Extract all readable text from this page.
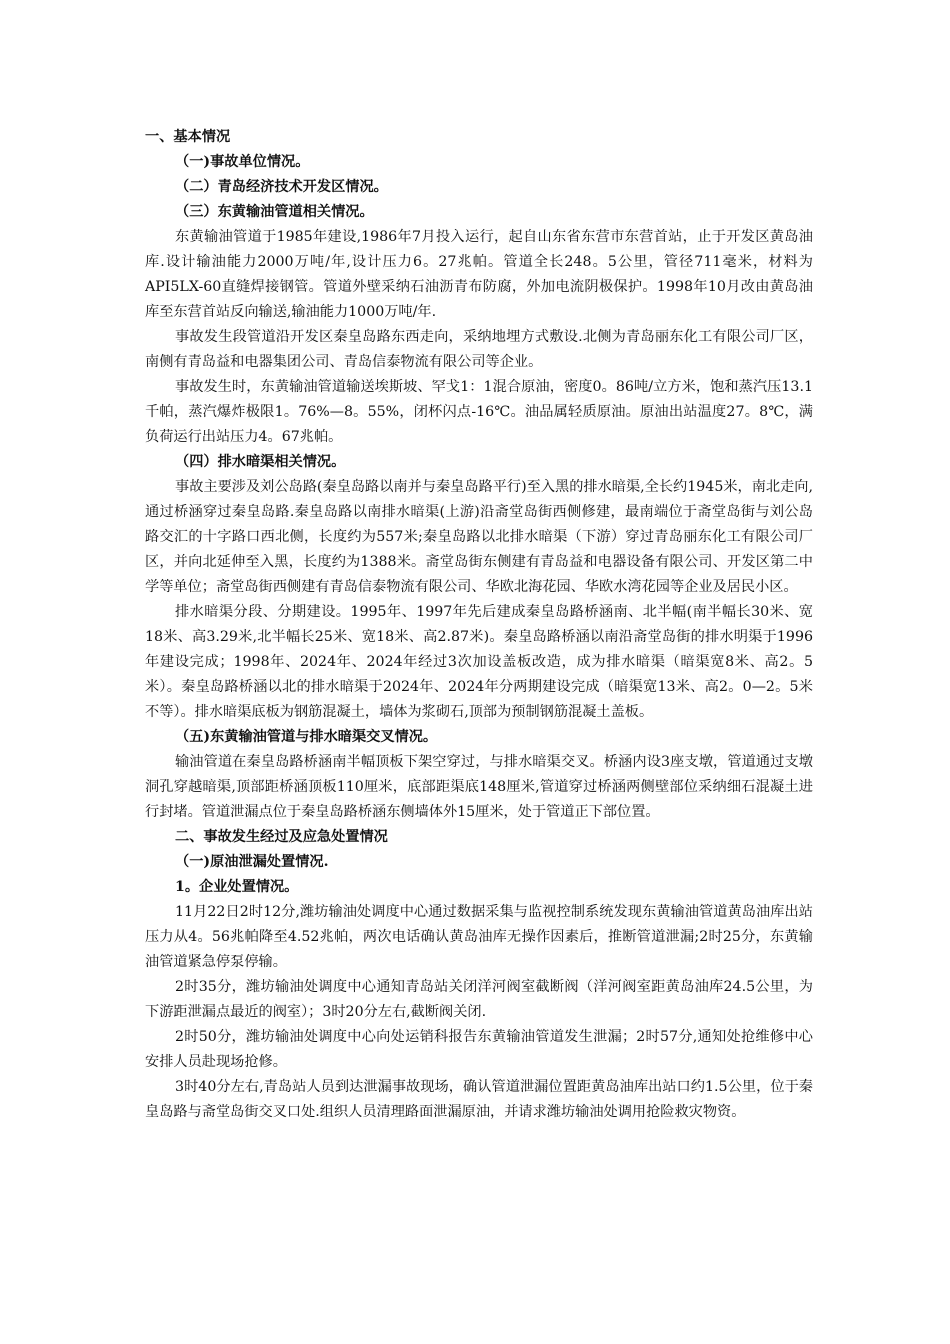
一、基本情况
（一)事故单位情况。
（二）青岛经济技术开发区情况。
（三）东黄输油管道相关情况。

东黄输油管道于1985年建设,1986年7月投入运行，起自山东省东营市东营首站，止于开发区黄岛油库.设计输油能力2000万吨/年,设计压力6。27兆帕。管道全长248。5公里，管径711毫米，材料为API5LX-60直缝焊接钢管。管道外壁采纳石油沥青布防腐，外加电流阴极保护。1998年10月改由黄岛油库至东营首站反向输送,输油能力1000万吨/年.

事故发生段管道沿开发区秦皇岛路东西走向，采纳地埋方式敷设.北侧为青岛丽东化工有限公司厂区，南侧有青岛益和电器集团公司、青岛信泰物流有限公司等企业。

事故发生时，东黄输油管道输送埃斯坡、罕戈1：1混合原油，密度0。86吨/立方米，饱和蒸汽压13.1千帕，蒸汽爆炸极限1。76%—8。55%，闭杯闪点-16℃。油品属轻质原油。原油出站温度27。8℃，满负荷运行出站压力4。67兆帕。

（四）排水暗渠相关情况。

事故主要涉及刘公岛路(秦皇岛路以南并与秦皇岛路平行)至入黑的排水暗渠,全长约1945米，南北走向,通过桥涵穿过秦皇岛路.秦皇岛路以南排水暗渠(上游)沿斋堂岛街西侧修建，最南端位于斋堂岛街与刘公岛路交汇的十字路口西北侧，长度约为557米;秦皇岛路以北排水暗渠（下游）穿过青岛丽东化工有限公司厂区，并向北延伸至入黑，长度约为1388米。斋堂岛街东侧建有青岛益和电器设备有限公司、开发区第二中学等单位；斋堂岛街西侧建有青岛信泰物流有限公司、华欧北海花园、华欧水湾花园等企业及居民小区。

排水暗渠分段、分期建设。1995年、1997年先后建成秦皇岛路桥涵南、北半幅(南半幅长30米、宽18米、高3.29米,北半幅长25米、宽18米、高2.87米)。秦皇岛路桥涵以南沿斋堂岛街的排水明渠于1996年建设完成；1998年、2024年、2024年经过3次加设盖板改造，成为排水暗渠（暗渠宽8米、高2。5米）。秦皇岛路桥涵以北的排水暗渠于2024年、2024年分两期建设完成（暗渠宽13米、高2。0—2。5米不等）。排水暗渠底板为钢筋混凝土，墙体为浆砌石,顶部为预制钢筋混凝土盖板。

（五)东黄输油管道与排水暗渠交叉情况。

输油管道在秦皇岛路桥涵南半幅顶板下架空穿过，与排水暗渠交叉。桥涵内设3座支墩，管道通过支墩洞孔穿越暗渠,顶部距桥涵顶板110厘米，底部距渠底148厘米,管道穿过桥涵两侧壁部位采纳细石混凝土进行封堵。管道泄漏点位于秦皇岛路桥涵东侧墙体外15厘米，处于管道正下部位置。

二、事故发生经过及应急处置情况
（一)原油泄漏处置情况.
1。企业处置情况。

11月22日2时12分,潍坊输油处调度中心通过数据采集与监视控制系统发现东黄输油管道黄岛油库出站压力从4。56兆帕降至4.52兆帕，两次电话确认黄岛油库无操作因素后，推断管道泄漏;2时25分，东黄输油管道紧急停泵停输。

2时35分，潍坊输油处调度中心通知青岛站关闭洋河阀室截断阀（洋河阀室距黄岛油库24.5公里，为下游距泄漏点最近的阀室）；3时20分左右,截断阀关闭.

2时50分，潍坊输油处调度中心向处运销科报告东黄输油管道发生泄漏；2时57分,通知处抢维修中心安排人员赴现场抢修。

3时40分左右,青岛站人员到达泄漏事故现场，确认管道泄漏位置距黄岛油库出站口约1.5公里，位于秦皇岛路与斋堂岛街交叉口处.组织人员清理路面泄漏原油，并请求潍坊输油处调用抢险救灾物资。
